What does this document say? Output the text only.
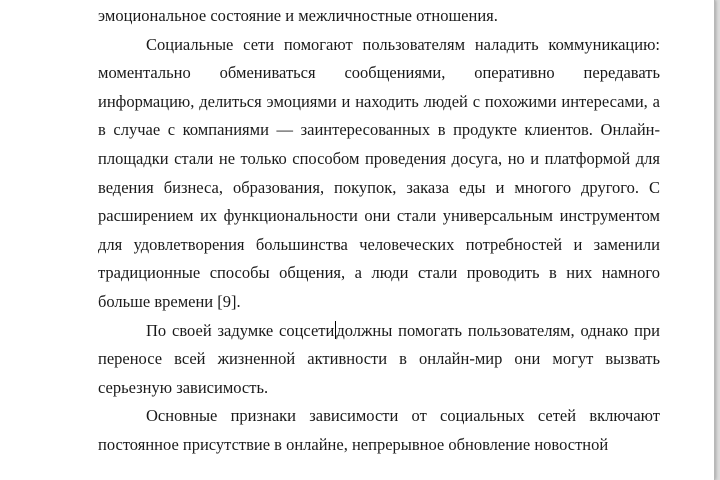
эмоциональное состояние и межличностные отношения.

Социальные сети помогают пользователям наладить коммуникацию: моментально обмениваться сообщениями, оперативно передавать информацию, делиться эмоциями и находить людей с похожими интересами, а в случае с компаниями — заинтересованных в продукте клиентов. Онлайн-площадки стали не только способом проведения досуга, но и платформой для ведения бизнеса, образования, покупок, заказа еды и многого другого. С расширением их функциональности они стали универсальным инструментом для удовлетворения большинства человеческих потребностей и заменили традиционные способы общения, а люди стали проводить в них намного больше времени [9].

По своей задумке соцсети должны помогать пользователям, однако при переносе всей жизненной активности в онлайн-мир они могут вызвать серьезную зависимость.

Основные признаки зависимости от социальных сетей включают постоянное присутствие в онлайне, непрерывное обновление новостной
